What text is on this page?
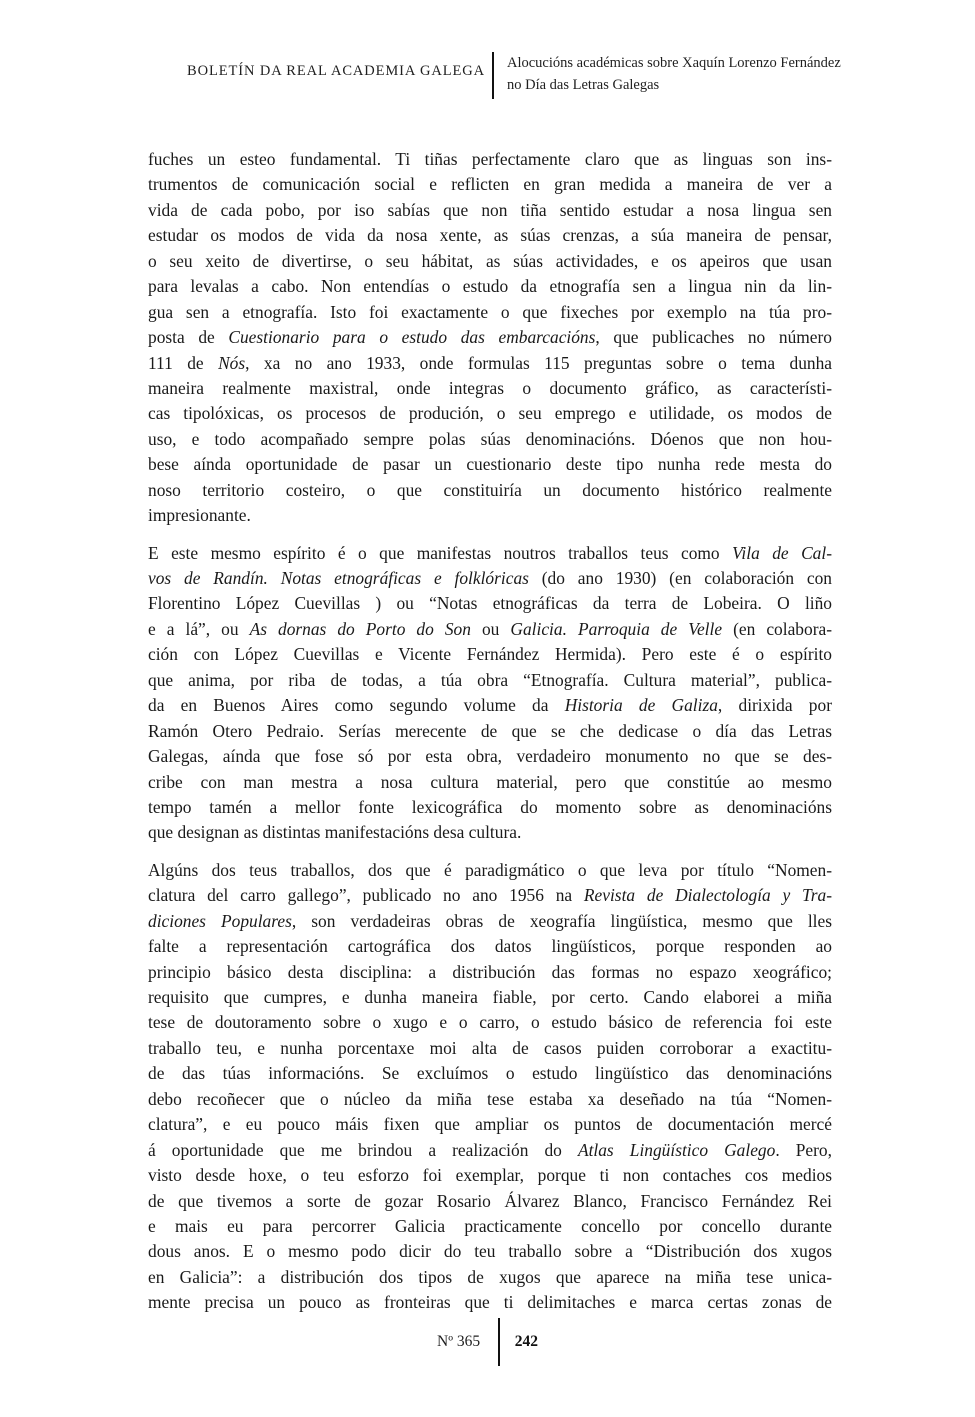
BOLETÍN DA REAL ACADEMIA GALEGA Alocucións académicas sobre Xaquín Lorenzo Fernández
no Día das Letras Galegas
fuches un esteo fundamental. Ti tiñas perfectamente claro que as linguas son ins-
trumentos de comunicación social e reflicten en gran medida a maneira de ver a
vida de cada pobo, por iso sabías que non tiña sentido estudar a nosa lingua sen
estudar os modos de vida da nosa xente, as súas crenzas, a súa maneira de pensar,
o seu xeito de divertirse, o seu hábitat, as súas actividades, e os apeiros que usan
para levalas a cabo. Non entendías o estudo da etnografía sen a lingua nin da lin-
gua sen a etnografía. Isto foi exactamente o que fixeches por exemplo na túa pro-
posta de Cuestionario para o estudo das embarcacións, que publicaches no número
111 de Nós, xa no ano 1933, onde formulas 115 preguntas sobre o tema dunha
maneira realmente maxistral, onde integras o documento gráfico, as característi-
cas tipolóxicas, os procesos de produción, o seu emprego e utilidade, os modos de
uso, e todo acompañado sempre polas súas denominacións. Dóenos que non hou-
bese aínda oportunidade de pasar un cuestionario deste tipo nunha rede mesta do
noso territorio costeiro, o que constituiría un documento histórico realmente
impresionante.
E este mesmo espírito é o que manifestas noutros traballos teus como Vila de Cal-
vos de Randín. Notas etnográficas e folklóricas (do ano 1930) (en colaboración con
Florentino López Cuevillas ) ou “Notas etnográficas da terra de Lobeira. O liño
e a lá”, ou As dornas do Porto do Son ou Galicia. Parroquia de Velle (en colabora-
ción con López Cuevillas e Vicente Fernández Hermida). Pero este é o espírito
que anima, por riba de todas, a túa obra “Etnografía. Cultura material”, publica-
da en Buenos Aires como segundo volume da Historia de Galiza, dirixida por
Ramón Otero Pedraio. Serías merecente de que se che dedicase o día das Letras
Galegas, aínda que fose só por esta obra, verdadeiro monumento no que se des-
cribe con man mestra a nosa cultura material, pero que constitúe ao mesmo
tempo tamén a mellor fonte lexicográfica do momento sobre as denominacións
que designan as distintas manifestacións desa cultura.
Algúns dos teus traballos, dos que é paradigmático o que leva por título “Nomen-
clatura del carro gallego”, publicado no ano 1956 na Revista de Dialectología y Tra-
diciones Populares, son verdadeiras obras de xeografía lingüística, mesmo que lles
falte a representación cartográfica dos datos lingüísticos, porque responden ao
principio básico desta disciplina: a distribución das formas no espazo xeográfico;
requisito que cumpres, e dunha maneira fiable, por certo. Cando elaborei a miña
tese de doutoramento sobre o xugo e o carro, o estudo básico de referencia foi este
traballo teu, e nunha porcentaxe moi alta de casos puiden corroborar a exactitu-
de das túas informacións. Se excluímos o estudo lingüístico das denominacións
debo recoñecer que o núcleo da miña tese estaba xa deseñado na túa “Nomen-
clatura”, e eu pouco máis fixen que ampliar os puntos de documentación mercé
á oportunidade que me brindou a realización do Atlas Lingüístico Galego. Pero,
visto desde hoxe, o teu esforzo foi exemplar, porque ti non contaches cos medios
de que tivemos a sorte de gozar Rosario Álvarez Blanco, Francisco Fernández Rei
e mais eu para percorrer Galicia practicamente concello por concello durante
dous anos. E o mesmo podo dicir do teu traballo sobre a “Distribución dos xugos
en Galicia”: a distribución dos tipos de xugos que aparece na miña tese unica-
mente precisa un pouco as fronteiras que ti delimitaches e marca certas zonas de
Nº 365	242
